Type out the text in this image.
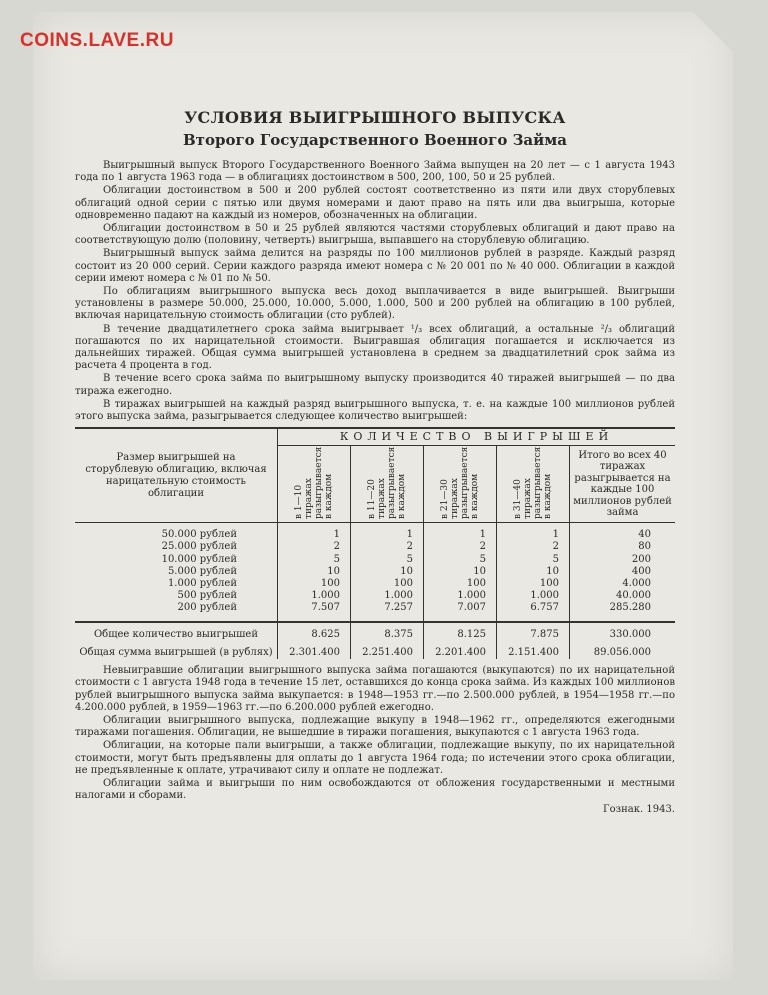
COINS.LAVE.RU
УСЛОВИЯ ВЫИГРЫШНОГО ВЫПУСКА
Второго Государственного Военного Займа

Выигрышный выпуск Второго Государственного Военного Займа выпущен на 20 лет — с 1 августа 1943 года по 1 августа 1963 года — в облигациях достоинством в 500, 200, 100, 50 и 25 рублей.

Облигации достоинством в 500 и 200 рублей состоят соответственно из пяти или двух сторублевых облигаций одной серии с пятью или двумя номерами и дают право на пять или два выигрыша, которые одновременно падают на каждый из номеров, обозначенных на облигации.

Облигации достоинством в 50 и 25 рублей являются частями сторублевых облигаций и дают право на соответствующую долю (половину, четверть) выигрыша, выпавшего на сторублевую облигацию.

Выигрышный выпуск займа делится на разряды по 100 миллионов рублей в разряде. Каждый разряд состоит из 20 000 серий. Серии каждого разряда имеют номера с № 20 001 по № 40 000. Облигации в каждой серии имеют номера с № 01 по № 50.

По облигациям выигрышного выпуска весь доход выплачивается в виде выигрышей. Выигрыши установлены в размере 50.000, 25.000, 10.000, 5.000, 1.000, 500 и 200 рублей на облигацию в 100 рублей, включая нарицательную стоимость облигации (сто рублей).

В течение двадцатилетнего срока займа выигрывает ¹/₃ всех облигаций, а остальные ²/₃ облигаций погашаются по их нарицательной стоимости. Выигравшая облигация погашается и исключается из дальнейших тиражей. Общая сумма выигрышей установлена в среднем за двадцатилетний срок займа из расчета 4 процента в год.

В течение всего срока займа по выигрышному выпуску производится 40 тиражей выигрышей — по два тиража ежегодно.

В тиражах выигрышей на каждый разряд выигрышного выпуска, т. е. на каждые 100 миллионов рублей этого выпуска займа, разыгрывается следующее количество выигрышей:

Размер выигрышей на сторублевую облигацию, включая нарицательную стоимость облигации	КОЛИЧЕСТВО ВЫИГРЫШЕЙ				

	в 1—10 тиражах разыгрывается в каждом	в 11—20 тиражах разыгрывается в каждом	в 21—30 тиражах разыгрывается в каждом	в 31—40 тиражах разыгрывается в каждом	Итого во всех 40 тиражах разыгрывается на каждые 100 миллионов рублей займа
50.000 рублей	1	1	1	1	40
25.000 рублей	2	2	2	2	80
10.000 рублей	5	5	5	5	200
5.000 рублей	10	10	10	10	400
1.000 рублей	100	100	100	100	4.000
500 рублей	1.000	1.000	1.000	1.000	40.000
200 рублей	7.507	7.257	7.007	6.757	285.280
Общее количество выигрышей	8.625	8.375	8.125	7.875	330.000
Общая сумма выигрышей (в рублях)	2.301.400	2.251.400	2.201.400	2.151.400	89.056.000

Невыигравшие облигации выигрышного выпуска займа погашаются (выкупаются) по их нарицательной стоимости с 1 августа 1948 года в течение 15 лет, оставшихся до конца срока займа. Из каждых 100 миллионов рублей выигрышного выпуска займа выкупается: в 1948—1953 гг.—по 2.500.000 рублей, в 1954—1958 гг.—по 4.200.000 рублей, в 1959—1963 гг.—по 6.200.000 рублей ежегодно.

Облигации выигрышного выпуска, подлежащие выкупу в 1948—1962 гг., определяются ежегодными тиражами погашения. Облигации, не вышедшие в тиражи погашения, выкупаются с 1 августа 1963 года.

Облигации, на которые пали выигрыши, а также облигации, подлежащие выкупу, по их нарицательной стоимости, могут быть предъявлены для оплаты до 1 августа 1964 года; по истечении этого срока облигации, не предъявленные к оплате, утрачивают силу и оплате не подлежат.

Облигации займа и выигрыши по ним освобождаются от обложения государственными и местными налогами и сборами.

Гознак. 1943.
